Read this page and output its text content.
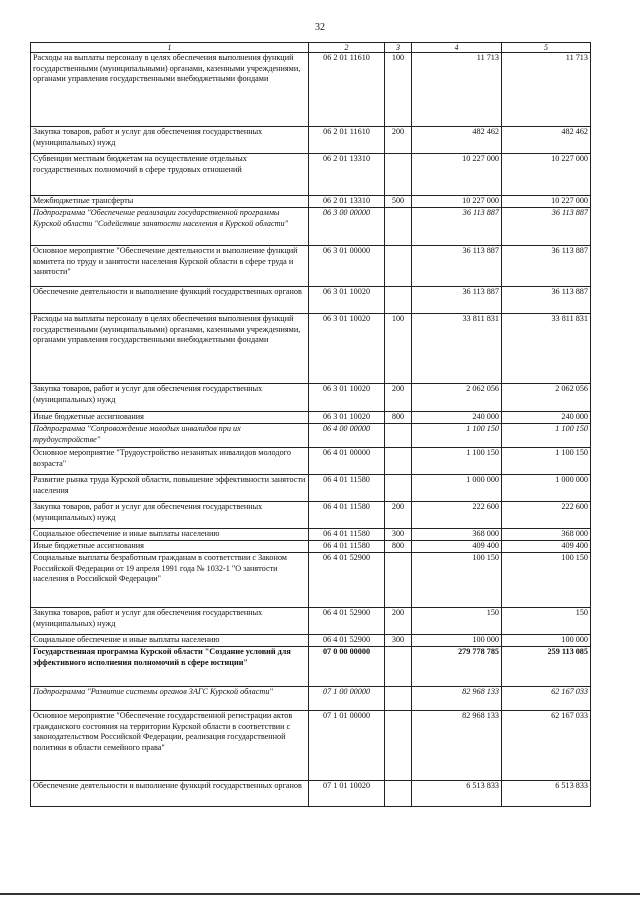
32
1	2	3	4	5
Расходы на выплаты персоналу в целях обеспечения выполнения функций государственными (муниципальными) органами, казенными учреждениями, органами управления государственными внебюджетными фондами	06 2 01 11610	100	11 713	11 713
Закупка товаров, работ и услуг для обеспечения государственных (муниципальных) нужд	06 2 01 11610	200	482 462	482 462
Субвенции местным бюджетам на осуществление отдельных государственных полномочий в сфере трудовых отношений	06 2 01 13310		10 227 000	10 227 000
Межбюджетные трансферты	06 2 01 13310	500	10 227 000	10 227 000
Подпрограмма "Обеспечение реализации государственной программы Курской области "Содействие занятости населения в Курской области"	06 3 00 00000		36 113 887	36 113 887
Основное мероприятие "Обеспечение деятельности и выполнение функций комитета по труду и занятости населения Курской области в сфере труда и занятости"	06 3 01 00000		36 113 887	36 113 887
Обеспечение деятельности и выполнение функций государственных органов	06 3 01 10020		36 113 887	36 113 887
Расходы на выплаты персоналу в целях обеспечения выполнения функций государственными (муниципальными) органами, казенными учреждениями, органами управления государственными внебюджетными фондами	06 3 01 10020	100	33 811 831	33 811 831
Закупка товаров, работ и услуг для обеспечения государственных (муниципальных) нужд	06 3 01 10020	200	2 062 056	2 062 056
Иные бюджетные ассигнования	06 3 01 10020	800	240 000	240 000
Подпрограмма "Сопровождение молодых инвалидов при их трудоустройстве"	06 4 00 00000		1 100 150	1 100 150
Основное мероприятие "Трудоустройство незанятых инвалидов молодого возраста"	06 4 01 00000		1 100 150	1 100 150
Развитие рынка труда Курской области, повышение эффективности занятости населения	06 4 01 11580		1 000 000	1 000 000
Закупка товаров, работ и услуг для обеспечения государственных (муниципальных) нужд	06 4 01 11580	200	222 600	222 600
Социальное обеспечение и иные выплаты населению	06 4 01 11580	300	368 000	368 000
Иные бюджетные ассигнования	06 4 01 11580	800	409 400	409 400
Социальные выплаты безработным гражданам в соответствии с Законом Российской Федерации от 19 апреля 1991 года № 1032-1 "О занятости населения в Российской Федерации"	06 4 01 52900		100 150	100 150
Закупка товаров, работ и услуг для обеспечения государственных (муниципальных) нужд	06 4 01 52900	200	150	150
Социальное обеспечение и иные выплаты населению	06 4 01 52900	300	100 000	100 000
Государственная программа Курской области "Создание условий для эффективного исполнения полномочий в сфере юстиции"	07 0 00 00000		279 778 785	259 113 085
Подпрограмма "Развитие системы органов ЗАГС Курской области"	07 1 00 00000		82 968 133	62 167 033
Основное мероприятие "Обеспечение государственной регистрации актов гражданского состояния на территории Курской области в соответствии с законодательством Российской Федерации, реализация государственной политики в области семейного права"	07 1 01 00000		82 968 133	62 167 033
Обеспечение деятельности и выполнение функций государственных органов	07 1 01 10020		6 513 833	6 513 833
